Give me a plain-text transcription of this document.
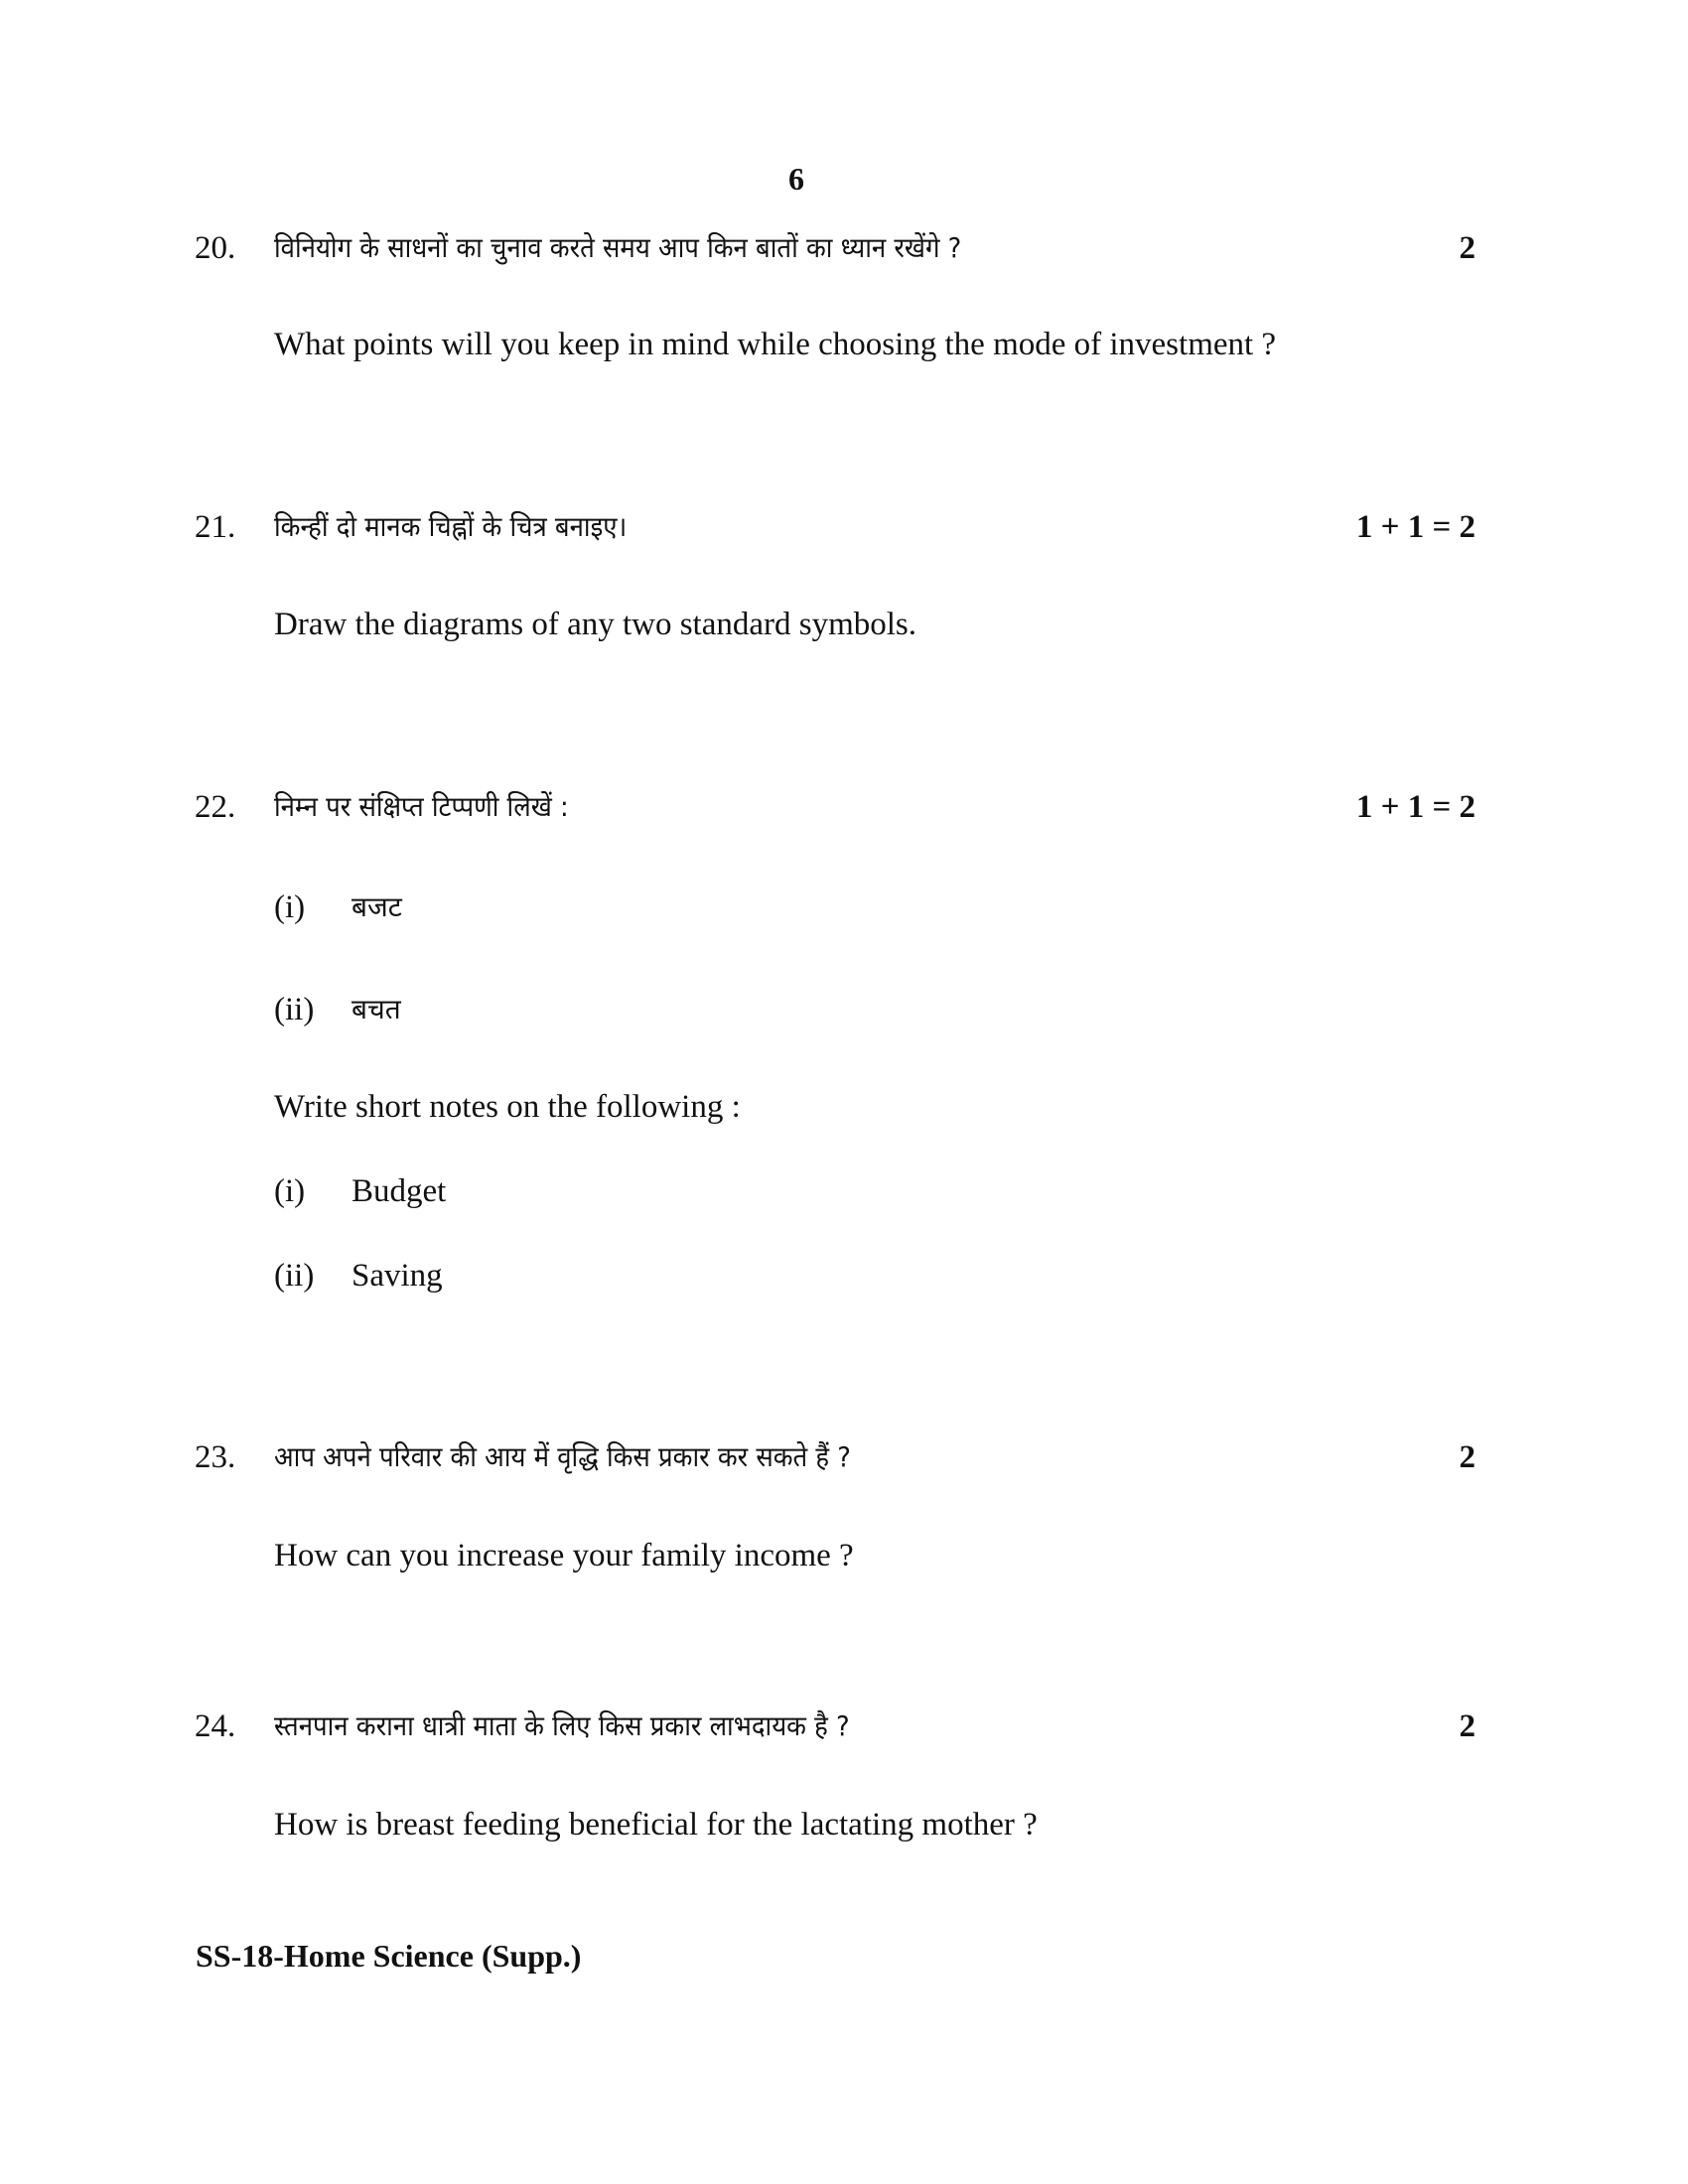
6
20. विनियोग के साधनों का चुनाव करते समय आप किन बातों का ध्यान रखेंगे ?	2
What points will you keep in mind while choosing the mode of investment ?
21. किन्हीं दो मानक चिह्नों के चित्र बनाइए।	1 + 1 = 2
Draw the diagrams of any two standard symbols.
22. निम्न पर संक्षिप्त टिप्पणी लिखें :	1 + 1 = 2
(i) बजट
(ii) बचत
Write short notes on the following :
(i) Budget
(ii) Saving
23. आप अपने परिवार की आय में वृद्धि किस प्रकार कर सकते हैं ?	2
How can you increase your family income ?
24. स्तनपान कराना धात्री माता के लिए किस प्रकार लाभदायक है ?	2
How is breast feeding beneficial for the lactating mother ?
SS-18-Home Science (Supp.)
